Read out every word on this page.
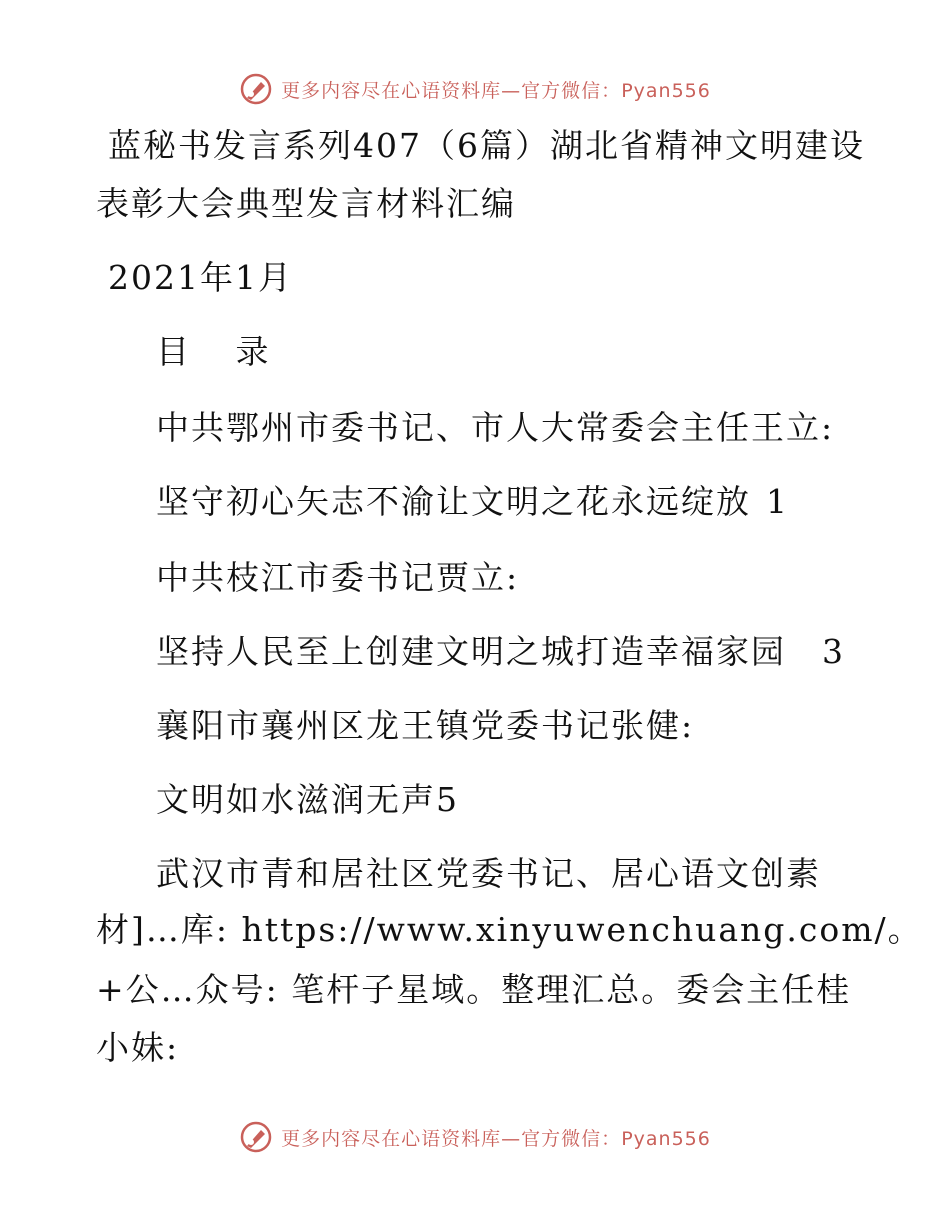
更多内容尽在心语资料库—官方微信：Pyan556
蓝秘书发言系列407（6篇）湖北省精神文明建设
表彰大会典型发言材料汇编
2021年1月
目 录
中共鄂州市委书记、市人大常委会主任王立:
坚守初心矢志不渝让文明之花永远绽放 1
中共枝江市委书记贾立:
坚持人民至上创建文明之城打造幸福家园 3
襄阳市襄州区龙王镇党委书记张健:
文明如水滋润无声5
武汉市青和居社区党委书记、居心语文创素
材]…库: https://www.xinyuwenchuang.com/。
+公…众号: 笔杆子星域。整理汇总。委会主任桂
小妹:
更多内容尽在心语资料库—官方微信：Pyan556
